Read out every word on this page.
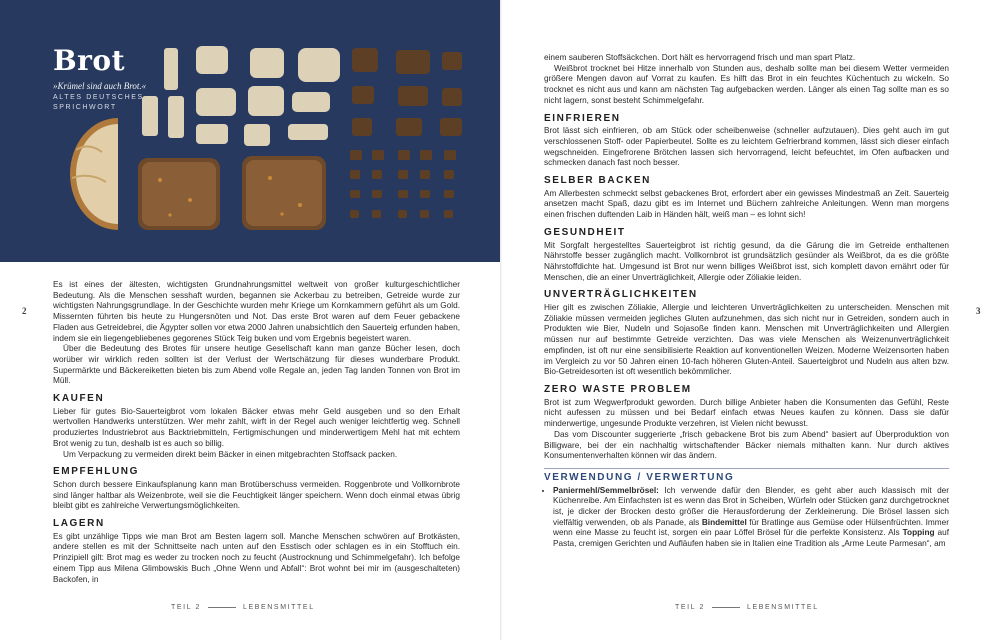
Brot
»Krümel sind auch Brot.«
ALTES DEUTSCHES SPRICHWORT
2

Es ist eines der ältesten, wichtigsten Grundnahrungsmittel weltweit von großer kulturgeschichtlicher Bedeutung. Als die Menschen sesshaft wurden, begannen sie Ackerbau zu betreiben, Getreide wurde zur wichtigsten Nahrungsgrundlage. In der Geschichte wurden mehr Kriege um Kornkammern geführt als um Gold. Missernten führten bis heute zu Hungersnöten und Not. Das erste Brot waren auf dem Feuer gebackene Fladen aus Getreidebrei, die Ägypter sollen vor etwa 2000 Jahren unabsichtlich den Sauerteig erfunden haben, indem sie ein liegengebliebenes gegorenes Stück Teig buken und vom Ergebnis begeistert waren.

Über die Bedeutung des Brotes für unsere heutige Gesellschaft kann man ganze Bücher lesen, doch worüber wir wirklich reden sollten ist der Verlust der Wertschätzung für dieses wunderbare Produkt. Supermärkte und Bäckereiketten bieten bis zum Abend volle Regale an, jeden Tag landen Tonnen von Brot im Müll.

KAUFEN

Lieber für gutes Bio-Sauerteigbrot vom lokalen Bäcker etwas mehr Geld ausgeben und so den Erhalt wertvollen Handwerks unterstützen. Wer mehr zahlt, wirft in der Regel auch weniger leichtfertig weg. Schnell produziertes Industriebrot aus Backtriebmitteln, Fertigmischungen und minderwertigem Mehl hat mit echtem Brot wenig zu tun, deshalb ist es auch so billig.

Um Verpackung zu vermeiden direkt beim Bäcker in einen mitgebrachten Stoffsack packen.

EMPFEHLUNG

Schon durch bessere Einkaufsplanung kann man Brotüberschuss vermeiden. Roggenbrote und Vollkornbrote sind länger haltbar als Weizenbrote, weil sie die Feuchtigkeit länger speichern. Wenn doch einmal etwas übrig bleibt gibt es zahlreiche Verwertungsmöglichkeiten.

LAGERN

Es gibt unzählige Tipps wie man Brot am Besten lagern soll. Manche Menschen schwören auf Brotkästen, andere stellen es mit der Schnittseite nach unten auf den Esstisch oder schlagen es in ein Stofftuch ein. Prinzipiell gilt: Brot mag es weder zu trocken noch zu feucht (Austrocknung und Schimmelgefahr). Ich befolge einem Tipp aus Milena Glimbowskis Buch „Ohne Wenn und Abfall“: Brot wohnt bei mir im (ausgeschalteten) Backofen, in

TEIL 2	LEBENSMITTEL

einem sauberen Stoffsäckchen. Dort hält es hervorragend frisch und man spart Platz.

Weißbrot trocknet bei Hitze innerhalb von Stunden aus, deshalb sollte man bei diesem Wetter vermeiden größere Mengen davon auf Vorrat zu kaufen. Es hilft das Brot in ein feuchtes Küchentuch zu wickeln. So trocknet es nicht aus und kann am nächsten Tag aufgebacken werden. Länger als einen Tag sollte man es so nicht lagern, sonst besteht Schimmelgefahr.

EINFRIEREN

Brot lässt sich einfrieren, ob am Stück oder scheibenweise (schneller aufzutauen). Dies geht auch im gut verschlossenen Stoff- oder Papierbeutel. Sollte es zu leichtem Gefrierbrand kommen, lässt sich dieser einfach wegschneiden. Eingefrorene Brötchen lassen sich hervorragend, leicht befeuchtet, im Ofen aufbacken und schmecken danach fast noch besser.

SELBER BACKEN

Am Allerbesten schmeckt selbst gebackenes Brot, erfordert aber ein gewisses Mindestmaß an Zeit. Sauerteig ansetzen macht Spaß, dazu gibt es im Internet und Büchern zahlreiche Anleitungen. Wenn man morgens einen frischen duftenden Laib in Händen hält, weiß man – es lohnt sich!

GESUNDHEIT

Mit Sorgfalt hergestelltes Sauerteigbrot ist richtig gesund, da die Gärung die im Getreide enthaltenen Nährstoffe besser zugänglich macht. Vollkornbrot ist grundsätzlich gesünder als Weißbrot, da es die größte Nährstoffdichte hat. Umgesund ist Brot nur wenn billiges Weißbrot isst, sich komplett davon ernährt oder für Menschen, die an einer Unverträglichkeit, Allergie oder Zöliakie leiden.

UNVERTRÄGLICHKEITEN

Hier gilt es zwischen Zöliakie, Allergie und leichteren Unverträglichkeiten zu unterscheiden. Menschen mit Zöliakie müssen vermeiden jegliches Gluten aufzunehmen, das sich nicht nur in Getreiden, sondern auch in Produkten wie Bier, Nudeln und Sojasoße finden kann. Menschen mit Unverträglichkeiten und Allergien müssen nur auf bestimmte Getreide verzichten. Das was viele Menschen als Weizenunverträglichkeit empfinden, ist oft nur eine sensibilisierte Reaktion auf konventionellen Weizen. Moderne Weizensorten haben im Vergleich zu vor 50 Jahren einen 10-fach höheren Gluten-Anteil. Sauerteigbrot und Nudeln aus alten bzw. Bio-Getreidesorten ist oft wesentlich bekömmlicher.

ZERO WASTE PROBLEM

Brot ist zum Wegwerfprodukt geworden. Durch billige Anbieter haben die Konsumenten das Gefühl, Reste nicht aufessen zu müssen und bei Bedarf einfach etwas Neues kaufen zu können. Dass sie dafür minderwertige, ungesunde Produkte verzehren, ist Vielen nicht bewusst.

Das vom Discounter suggerierte „frisch gebackene Brot bis zum Abend“ basiert auf Überproduktion von Billigware, bei der ein nachhaltig wirtschaftender Bäcker niemals mithalten kann. Nur durch aktives Konsumentenverhalten können wir das ändern.

VERWENDUNG / VERWERTUNG
• Paniermehl/Semmelbrösel: Ich verwende dafür den Blender, es geht aber auch klassisch mit der Küchenreibe. Am Einfachsten ist es wenn das Brot in Scheiben, Würfeln oder Stücken ganz durchgetrocknet ist, je dicker der Brocken desto größer die Herausforderung der Zerkleinerung. Die Brösel lassen sich vielfältig verwenden, ob als Panade, als Bindemittel für Bratlinge aus Gemüse oder Hülsenfrüchten. Immer wenn eine Masse zu feucht ist, sorgen ein paar Löffel Brösel für die perfekte Konsistenz. Als Topping auf Pasta, cremigen Gerichten und Aufläufen haben sie in Italien eine Tradition als „Arme Leute Parmesan“, am
3
TEIL 2	LEBENSMITTEL
